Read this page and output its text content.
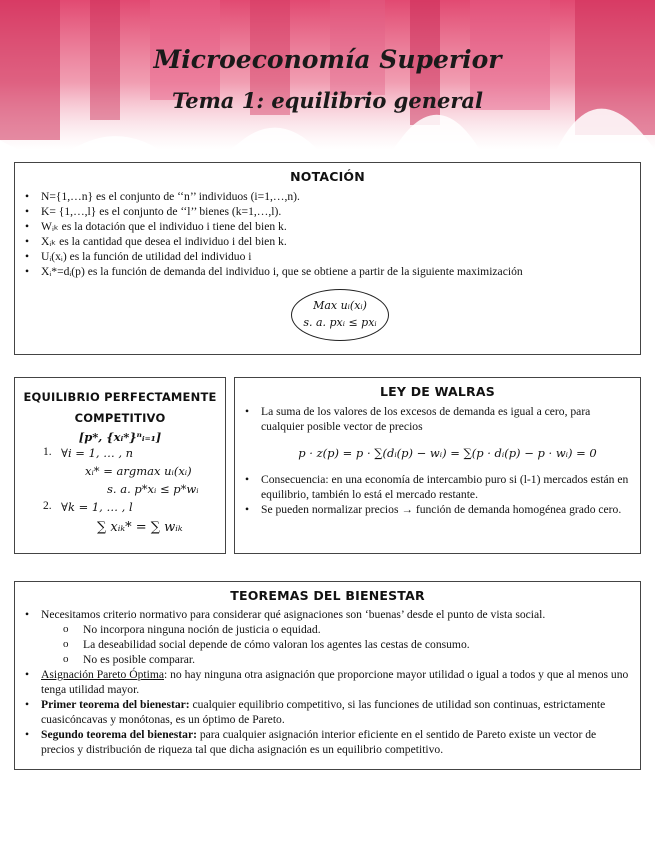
Microeconomía Superior
Tema 1: equilibrio general
NOTACIÓN
• N={1,…n} es el conjunto de ‘‘n’’ individuos (i=1,…,n).
• K= {1,…,l} es el conjunto de ‘‘l’’ bienes (k=1,…,l).
• Wᵢₖ es la dotación que el individuo i tiene del bien k.
• Xᵢₖ es la cantidad que desea el individuo i del bien k.
• Uᵢ(xᵢ) es la función de utilidad del individuo i
• Xᵢ*=dᵢ(p) es la función de demanda del individuo i, que se obtiene a partir de la siguiente maximización
Max uᵢ(xᵢ)
s. a. pxᵢ ≤ pxᵢ
EQUILIBRIO PERFECTAMENTE
COMPETITIVO
[p*, {xᵢ*}ⁿᵢ₌₁]
1. ∀i = 1, … , n
xᵢ* = argmax uᵢ(xᵢ)
s. a. p*xᵢ ≤ p*wᵢ
2. ∀k = 1, … , l
∑ xᵢₖ* = ∑ wᵢₖ
LEY DE WALRAS
• La suma de los valores de los excesos de demanda es igual a cero, para cualquier posible vector de precios
p · z(p) = p · ∑(dᵢ(p) − wᵢ) = ∑(p · dᵢ(p) − p · wᵢ) = 0
• Consecuencia: en una economía de intercambio puro si (l-1) mercados están en equilibrio, también lo está el mercado restante.
• Se pueden normalizar precios → función de demanda homogénea grado cero.
TEOREMAS DEL BIENESTAR
• Necesitamos criterio normativo para considerar qué asignaciones son ‘buenas’ desde el punto de vista social.
o No incorpora ninguna noción de justicia o equidad.
o La deseabilidad social depende de cómo valoran los agentes las cestas de consumo.
o No es posible comparar.
• Asignación Pareto Óptima: no hay ninguna otra asignación que proporcione mayor utilidad o igual a todos y que al menos uno tenga utilidad mayor.
• Primer teorema del bienestar: cualquier equilibrio competitivo, si las funciones de utilidad son continuas, estrictamente cuasicóncavas y monótonas, es un óptimo de Pareto.
• Segundo teorema del bienestar: para cualquier asignación interior eficiente en el sentido de Pareto existe un vector de precios y distribución de riqueza tal que dicha asignación es un equilibrio competitivo.
